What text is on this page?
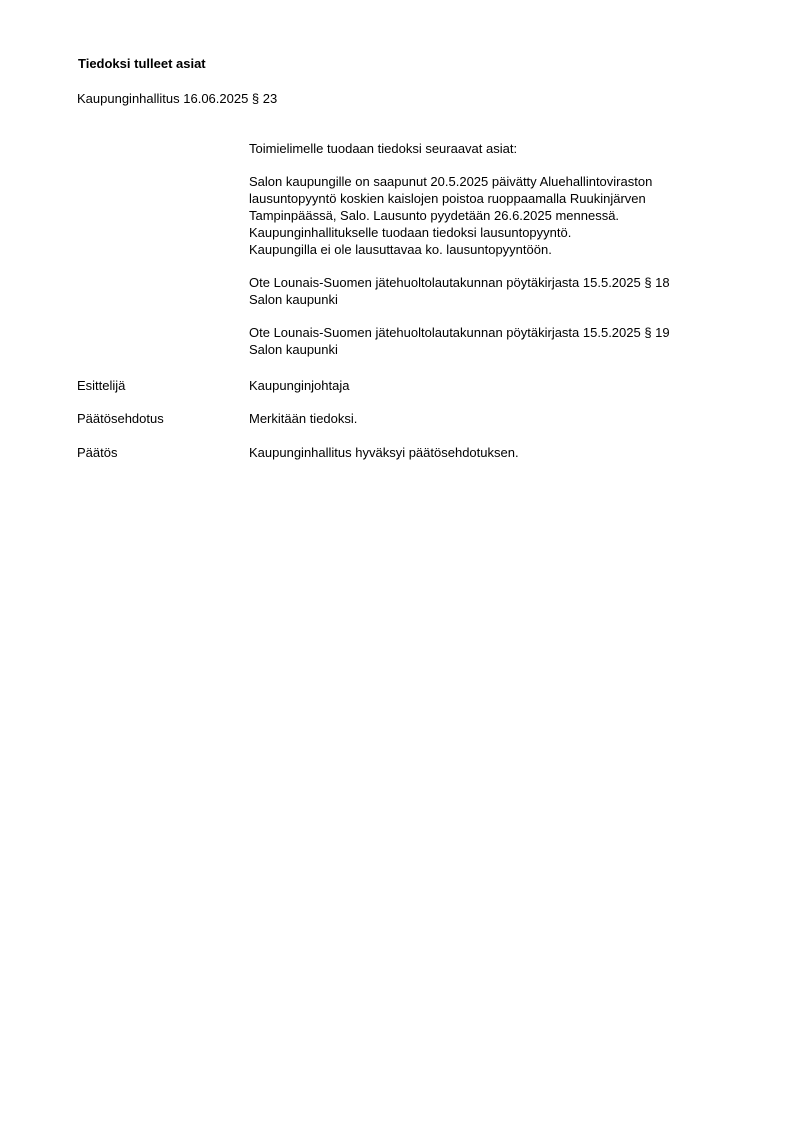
Tiedoksi tulleet asiat
Kaupunginhallitus 16.06.2025 § 23

Toimielimelle tuodaan tiedoksi seuraavat asiat:

Salon kaupungille on saapunut 20.5.2025 päivätty Aluehallintoviraston
lausuntopyyntö koskien kaislojen poistoa ruoppaamalla Ruukinjärven
Tampinpäässä, Salo. Lausunto pyydetään 26.6.2025 mennessä.
Kaupunginhallitukselle tuodaan tiedoksi lausuntopyyntö.
Kaupungilla ei ole lausuttavaa ko. lausuntopyyntöön.
Ote Lounais-Suomen jätehuoltolautakunnan pöytäkirjasta 15.5.2025 § 18
Salon kaupunki
Ote Lounais-Suomen jätehuoltolautakunnan pöytäkirjasta 15.5.2025 § 19
Salon kaupunki
Esittelijä	Kaupunginjohtaja
Päätösehdotus	Merkitään tiedoksi.
Päätös	Kaupunginhallitus hyväksyi päätösehdotuksen.
